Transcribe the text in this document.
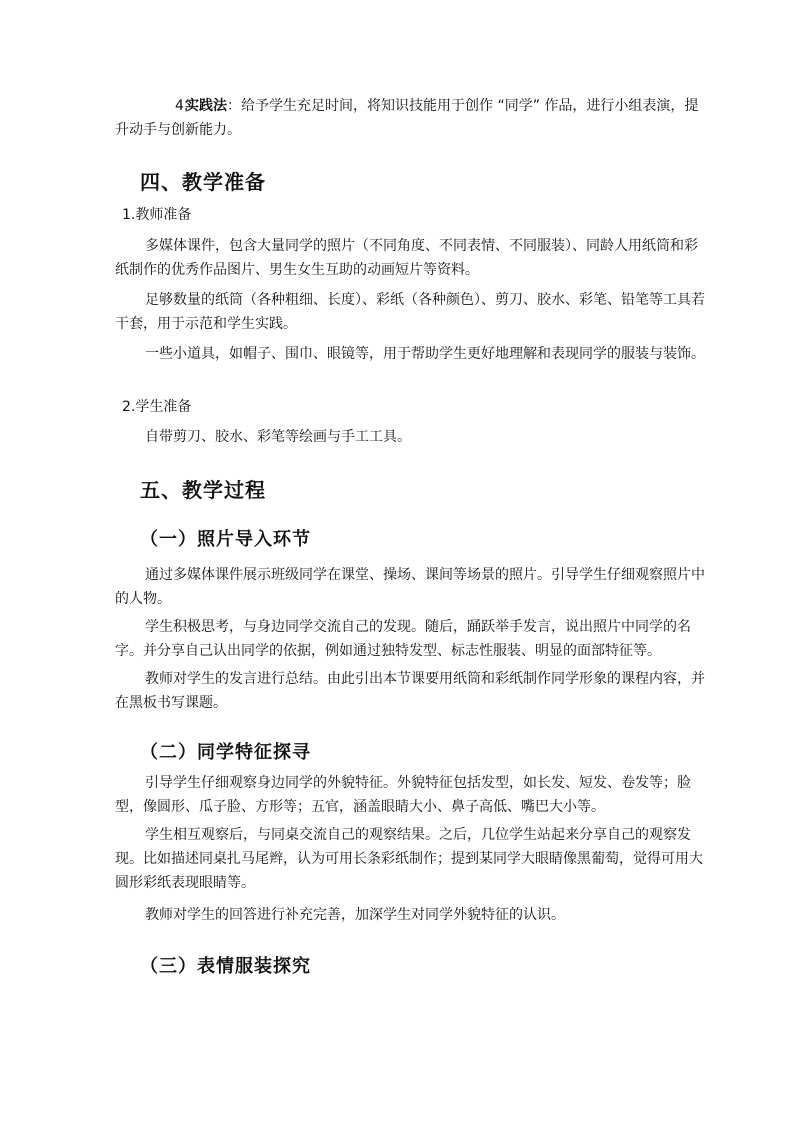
4.实践法：给予学生充足时间，将知识技能用于创作 “同学” 作品，进行小组表演，提升动手与创新能力。

四、教学准备

1.教师准备

多媒体课件，包含大量同学的照片（不同角度、不同表情、不同服装）、同龄人用纸筒和彩纸制作的优秀作品图片、男生女生互助的动画短片等资料。

足够数量的纸筒（各种粗细、长度）、彩纸（各种颜色）、剪刀、胶水、彩笔、铅笔等工具若干套，用于示范和学生实践。

一些小道具，如帽子、围巾、眼镜等，用于帮助学生更好地理解和表现同学的服装与装饰。

2.学生准备

自带剪刀、胶水、彩笔等绘画与手工工具。

五、教学过程
（一）照片导入环节

通过多媒体课件展示班级同学在课堂、操场、课间等场景的照片。引导学生仔细观察照片中的人物。

学生积极思考，与身边同学交流自己的发现。随后，踊跃举手发言，说出照片中同学的名字。并分享自己认出同学的依据，例如通过独特发型、标志性服装、明显的面部特征等。

教师对学生的发言进行总结。由此引出本节课要用纸筒和彩纸制作同学形象的课程内容，并在黑板书写课题。

（二）同学特征探寻

引导学生仔细观察身边同学的外貌特征。外貌特征包括发型，如长发、短发、卷发等；脸型，像圆形、瓜子脸、方形等；五官，涵盖眼睛大小、鼻子高低、嘴巴大小等。

学生相互观察后，与同桌交流自己的观察结果。之后，几位学生站起来分享自己的观察发现。比如描述同桌扎马尾辫，认为可用长条彩纸制作；提到某同学大眼睛像黑葡萄，觉得可用大圆形彩纸表现眼睛等。

教师对学生的回答进行补充完善，加深学生对同学外貌特征的认识。

（三）表情服装探究
